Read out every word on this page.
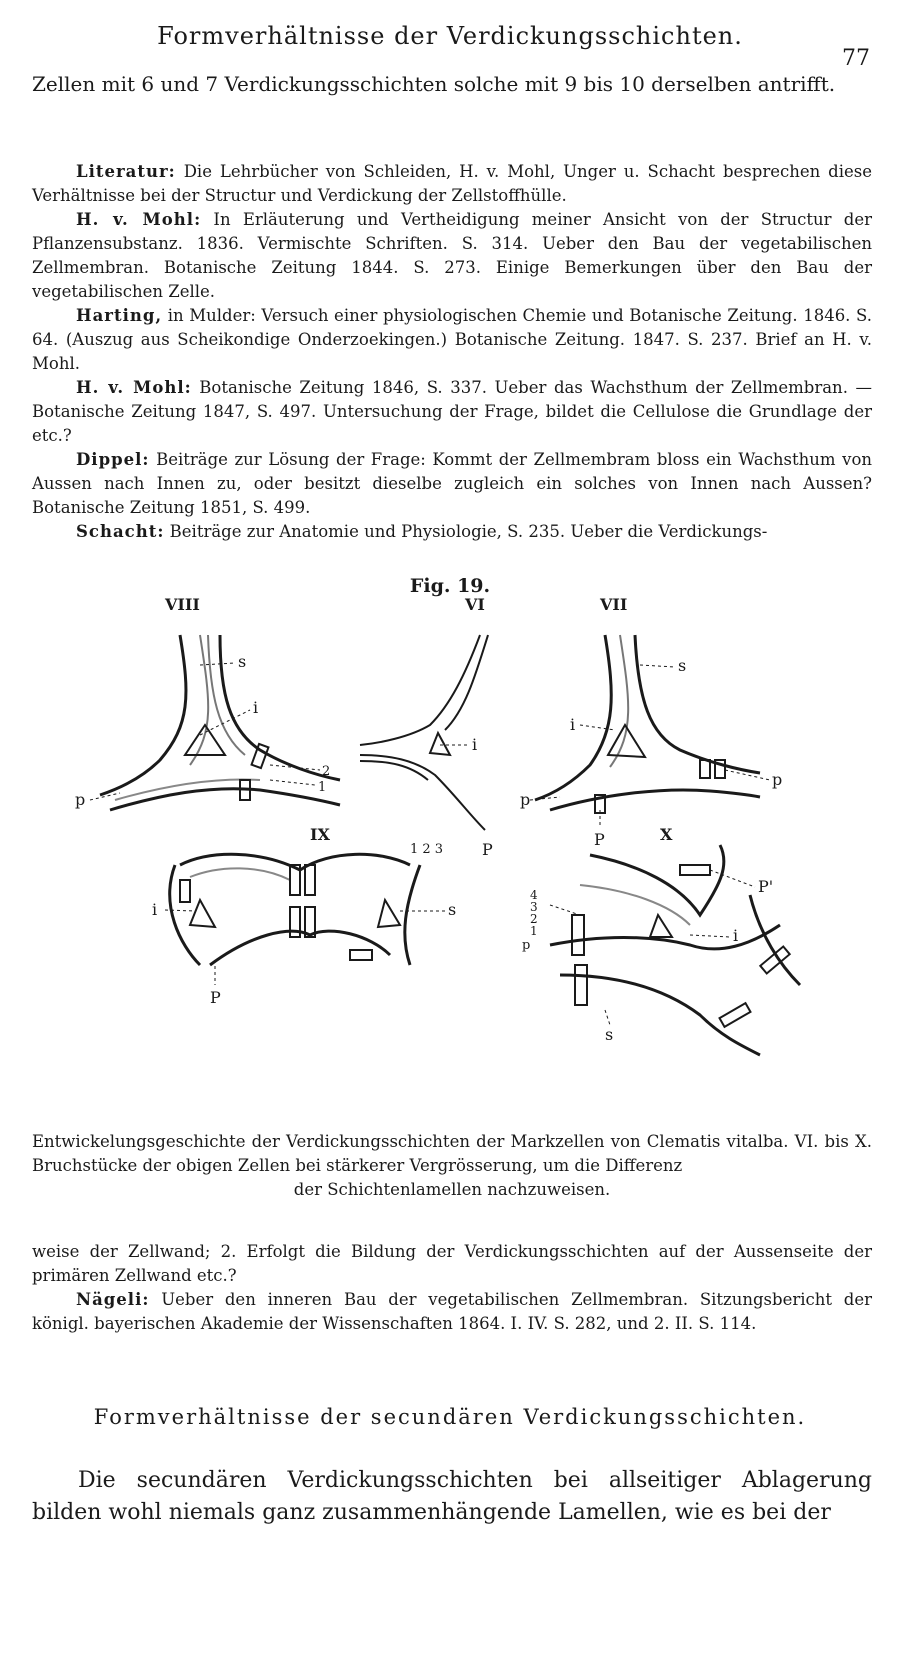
Formverhältnisse der Verdickungsschichten.
77
Zellen mit 6 und 7 Verdickungsschichten solche mit 9 bis 10 derselben antrifft.

Literatur: Die Lehrbücher von Schleiden, H. v. Mohl, Unger u. Schacht besprechen diese Verhältnisse bei der Structur und Verdickung der Zellstoffhülle.

H. v. Mohl: In Erläuterung und Vertheidigung meiner Ansicht von der Structur der Pflanzensubstanz. 1836. Vermischte Schriften. S. 314. Ueber den Bau der vegetabilischen Zellmembran. Botanische Zeitung 1844. S. 273. Einige Bemerkungen über den Bau der vegetabilischen Zelle.

Harting, in Mulder: Versuch einer physiologischen Chemie und Botanische Zeitung. 1846. S. 64. (Auszug aus Scheikondige Onderzoekingen.) Botanische Zeitung. 1847. S. 237. Brief an H. v. Mohl.

H. v. Mohl: Botanische Zeitung 1846, S. 337. Ueber das Wachsthum der Zellmembran. — Botanische Zeitung 1847, S. 497. Untersuchung der Frage, bildet die Cellulose die Grundlage der etc.?

Dippel: Beiträge zur Lösung der Frage: Kommt der Zellmembram bloss ein Wachsthum von Aussen nach Innen zu, oder besitzt dieselbe zugleich ein solches von Innen nach Aussen? Botanische Zeitung 1851, S. 499.

Schacht: Beiträge zur Anatomie und Physiologie, S. 235. Ueber die Verdickungs-

Fig. 19.
VIII	VI	VII
IX	X
s
i
p
2
1
i
P
s
i
p
p
P
i	s
P
1 2 3
4
3
2
1
p
P'
i
s
Entwickelungsgeschichte der Verdickungsschichten der Markzellen von Clematis vitalba. VI. bis X. Bruchstücke der obigen Zellen bei stärkerer Vergrösserung, um die Differenz
der Schichtenlamellen nachzuweisen.

weise der Zellwand; 2. Erfolgt die Bildung der Verdickungsschichten auf der Aussenseite der primären Zellwand etc.?

Nägeli: Ueber den inneren Bau der vegetabilischen Zellmembran. Sitzungsbericht der königl. bayerischen Akademie der Wissenschaften 1864. I. IV. S. 282, und 2. II. S. 114.

Formverhältnisse der secundären Verdickungsschichten.
Die secundären Verdickungsschichten bei allseitiger Ablagerung bilden wohl niemals ganz zusammenhängende Lamellen, wie es bei der
